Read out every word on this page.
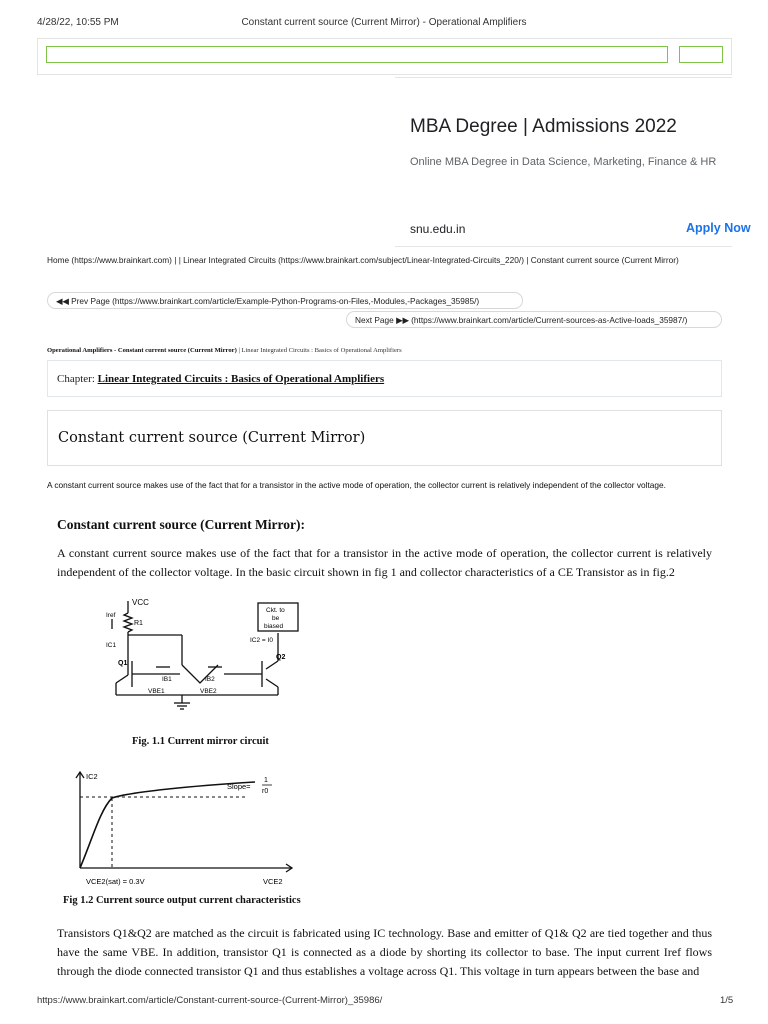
4/28/22, 10:55 PM	Constant current source (Current Mirror) - Operational Amplifiers
MBA Degree | Admissions 2022
Online MBA Degree in Data Science, Marketing, Finance & HR
snu.edu.in	Apply Now
Home (https://www.brainkart.com) | | Linear Integrated Circuits (https://www.brainkart.com/subject/Linear-Integrated-Circuits_220/) | Constant current source (Current Mirror)
◀◀ Prev Page (https://www.brainkart.com/article/Example-Python-Programs-on-Files,-Modules,-Packages_35985/)
Next Page ▶▶ (https://www.brainkart.com/article/Current-sources-as-Active-loads_35987/)
Operational Amplifiers - Constant current source (Current Mirror) | Linear Integrated Circuits : Basics of Operational Amplifiers
Chapter: Linear Integrated Circuits : Basics of Operational Amplifiers
Constant current source (Current Mirror)
A constant current source makes use of the fact that for a transistor in the active mode of operation, the collector current is relatively independent of the collector voltage.
Constant current source (Current Mirror):
A constant current source makes use of the fact that for a transistor in the active mode of operation, the collector current is relatively independent of the collector voltage. In the basic circuit shown in fig 1 and collector characteristics of a CE Transistor as in fig.2
VCC
Iref
R1
IC1
Q1
Q2
IB1	IB2
VBE1	VBE2
Ckt. to
be
biased
IC2 = I0
Fig. 1.1 Current mirror circuit
IC2
VCE2
Slope=
1
r0
VCE2(sat) = 0.3V
Fig 1.2 Current source output current characteristics
Transistors Q1&Q2 are matched as the circuit is fabricated using IC technology. Base and emitter of Q1& Q2 are tied together and thus have the same VBE. In addition, transistor Q1 is connected as a diode by shorting its collector to base. The input current Iref flows through the diode connected transistor Q1 and thus establishes a voltage across Q1. This voltage in turn appears between the base and
https://www.brainkart.com/article/Constant-current-source-(Current-Mirror)_35986/	1/5
